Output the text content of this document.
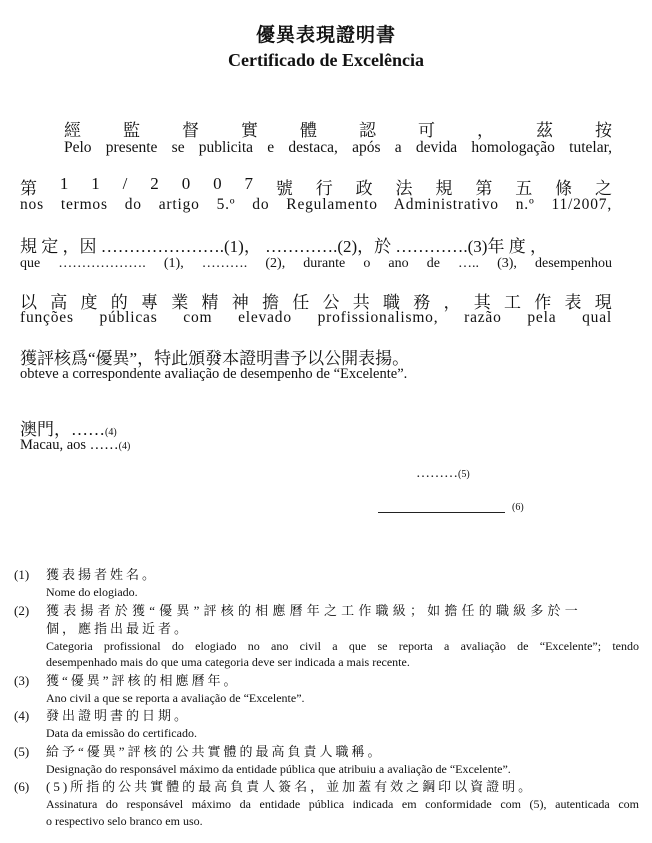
優異表現證明書
Certificado de Excelência
經 監 督 實 體 認 可 ， 茲 按
Pelo presente se publicita e destaca, após a devida homologação tutelar,
第 1 1 / 2 0 0 7 號 行 政 法 規 第 五 條 之
nos termos do artigo 5.º do Regulamento Administrativo n.º 11/2007,
規 定 ，因 ………………….(1)， ………….(2)，於 ………….(3)年 度 ，
que ………………. (1), ………. (2), durante o ano de ….. (3), desempenhou
以 高 度 的 專 業 精 神 擔 任 公 共 職 務 ， 其 工 作 表 現
funções públicas com elevado profissionalismo, razão pela qual
獲評核爲“優異”，特此頒發本證明書予以公開表揚。
obteve a correspondente avaliação de desempenho de “Excelente”.
澳門，……(4)
Macau, aos ……(4)
………(5)
(6)
(1)	獲表揚者姓名。
Nome do elogiado.
(2)	獲表揚者於獲“優異”評核的相應曆年之工作職級；如擔任的職級多於一
個，應指出最近者。
Categoria profissional do elogiado no ano civil a que se reporta a avaliação de “Excelente”; tendo
desempenhado mais do que uma categoria deve ser indicada a mais recente.
(3)	獲“優異”評核的相應曆年。
Ano civil a que se reporta a avaliação de “Excelente”.
(4)	發出證明書的日期。
Data da emissão do certificado.
(5)	給予“優異”評核的公共實體的最高負責人職稱。
Designação do responsável máximo da entidade pública que atribuiu a avaliação de “Excelente”.
(6)	(5)所指的公共實體的最高負責人簽名，並加蓋有效之鋼印以資證明。
Assinatura do responsável máximo da entidade pública indicada em conformidade com (5), autenticada com
o respectivo selo branco em uso.
